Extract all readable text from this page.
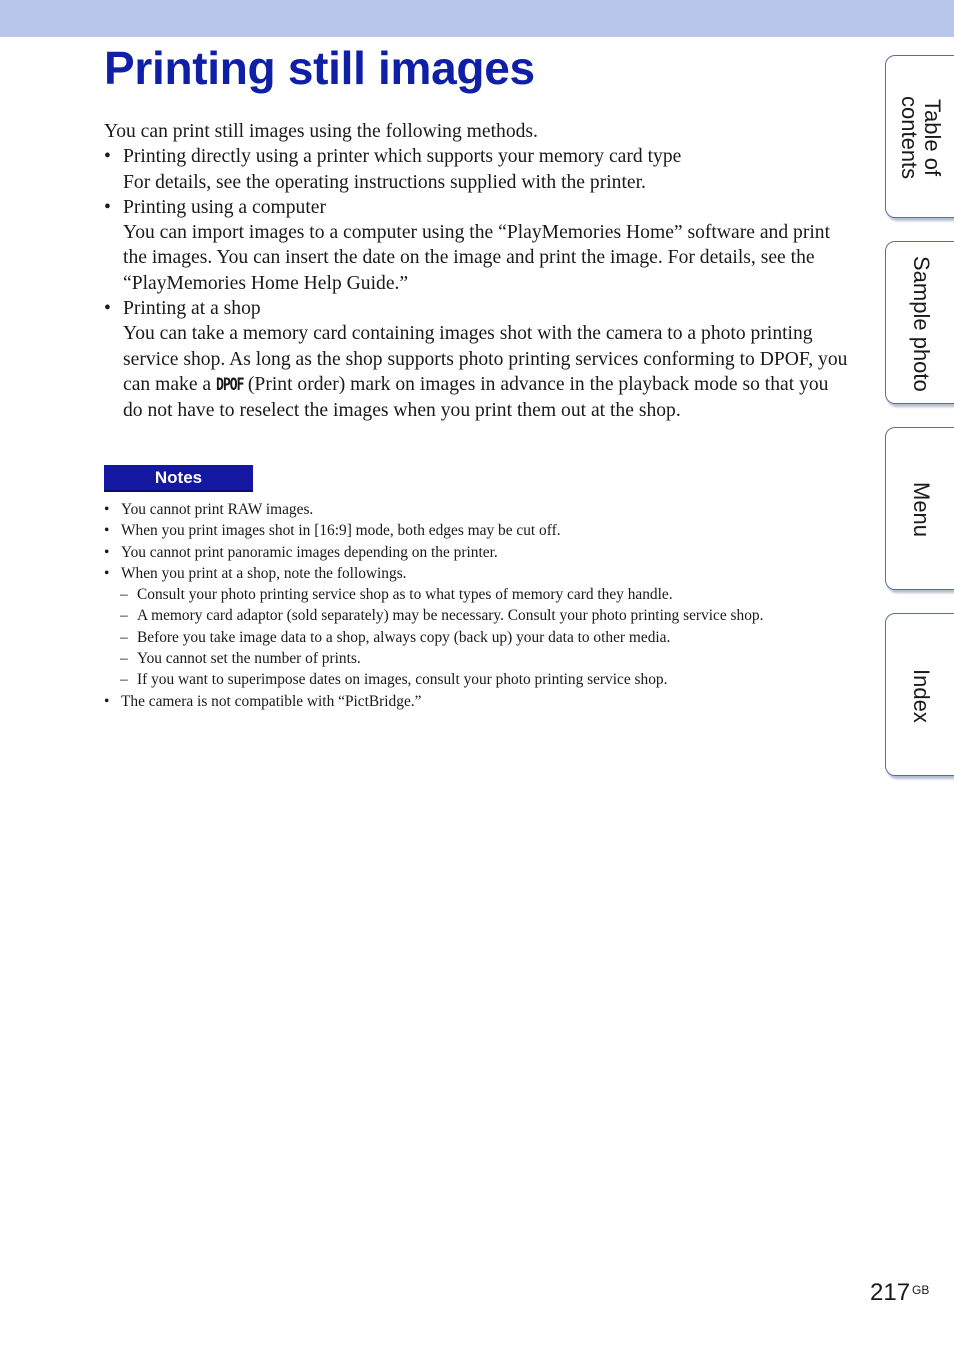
Printing still images

You can print still images using the following methods.

• Printing directly using a printer which supports your memory card type
For details, see the operating instructions supplied with the printer.
• Printing using a computer
You can import images to a computer using the “PlayMemories Home” software and print the images. You can insert the date on the image and print the image. For details, see the “PlayMemories Home Help Guide.”
• Printing at a shop
You can take a memory card containing images shot with the camera to a photo printing service shop. As long as the shop supports photo printing services conforming to DPOF, you can make a DPOF (Print order) mark on images in advance in the playback mode so that you do not have to reselect the images when you print them out at the shop.
Notes
• You cannot print RAW images.
• When you print images shot in [16:9] mode, both edges may be cut off.
• You cannot print panoramic images depending on the printer.
• When you print at a shop, note the followings.
– Consult your photo printing service shop as to what types of memory card they handle.
– A memory card adaptor (sold separately) may be necessary. Consult your photo printing service shop.
– Before you take image data to a shop, always copy (back up) your data to other media.
– You cannot set the number of prints.
– If you want to superimpose dates on images, consult your photo printing service shop.
• The camera is not compatible with “PictBridge.”
Table of contents
Sample photo
Menu
Index
217 $^{GB}$
